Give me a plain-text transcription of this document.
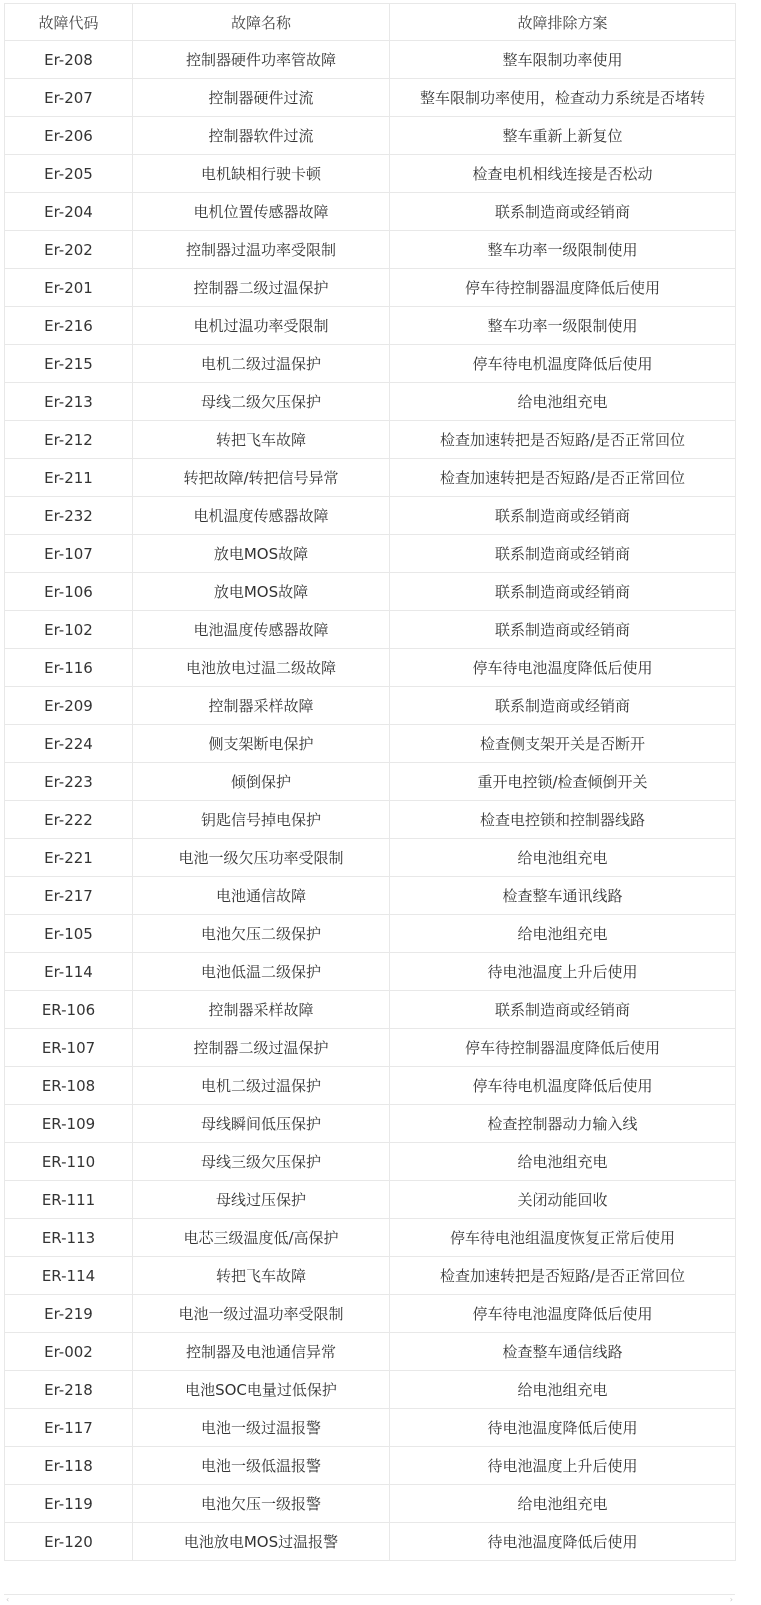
故障代码	故障名称	故障排除方案
Er-208	控制器硬件功率管故障	整车限制功率使用
Er-207	控制器硬件过流	整车限制功率使用，检查动力系统是否堵转
Er-206	控制器软件过流	整车重新上新复位
Er-205	电机缺相行驶卡顿	检查电机相线连接是否松动
Er-204	电机位置传感器故障	联系制造商或经销商
Er-202	控制器过温功率受限制	整车功率一级限制使用
Er-201	控制器二级过温保护	停车待控制器温度降低后使用
Er-216	电机过温功率受限制	整车功率一级限制使用
Er-215	电机二级过温保护	停车待电机温度降低后使用
Er-213	母线二级欠压保护	给电池组充电
Er-212	转把飞车故障	检查加速转把是否短路/是否正常回位
Er-211	转把故障/转把信号异常	检查加速转把是否短路/是否正常回位
Er-232	电机温度传感器故障	联系制造商或经销商
Er-107	放电MOS故障	联系制造商或经销商
Er-106	放电MOS故障	联系制造商或经销商
Er-102	电池温度传感器故障	联系制造商或经销商
Er-116	电池放电过温二级故障	停车待电池温度降低后使用
Er-209	控制器采样故障	联系制造商或经销商
Er-224	侧支架断电保护	检查侧支架开关是否断开
Er-223	倾倒保护	重开电控锁/检查倾倒开关
Er-222	钥匙信号掉电保护	检查电控锁和控制器线路
Er-221	电池一级欠压功率受限制	给电池组充电
Er-217	电池通信故障	检查整车通讯线路
Er-105	电池欠压二级保护	给电池组充电
Er-114	电池低温二级保护	待电池温度上升后使用
ER-106	控制器采样故障	联系制造商或经销商
ER-107	控制器二级过温保护	停车待控制器温度降低后使用
ER-108	电机二级过温保护	停车待电机温度降低后使用
ER-109	母线瞬间低压保护	检查控制器动力输入线
ER-110	母线三级欠压保护	给电池组充电
ER-111	母线过压保护	关闭动能回收
ER-113	电芯三级温度低/高保护	停车待电池组温度恢复正常后使用
ER-114	转把飞车故障	检查加速转把是否短路/是否正常回位
Er-219	电池一级过温功率受限制	停车待电池温度降低后使用
Er-002	控制器及电池通信异常	检查整车通信线路
Er-218	电池SOC电量过低保护	给电池组充电
Er-117	电池一级过温报警	待电池温度降低后使用
Er-118	电池一级低温报警	待电池温度上升后使用
Er-119	电池欠压一级报警	给电池组充电
Er-120	电池放电MOS过温报警	待电池温度降低后使用
‹	›
